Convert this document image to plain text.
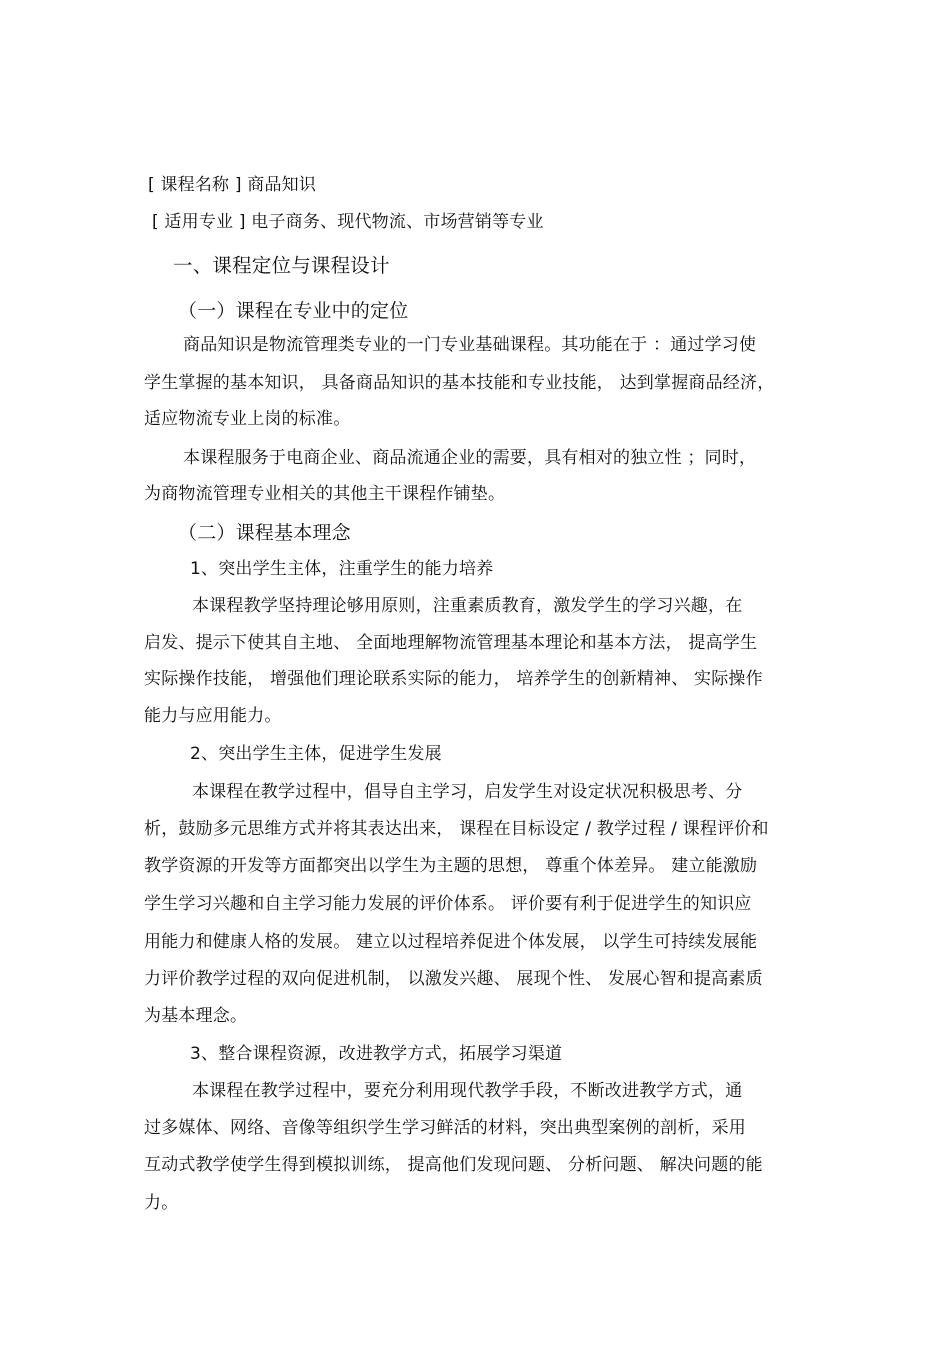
[ 课程名称 ] 商品知识
[ 适用专业 ] 电子商务、现代物流、市场营销等专业
一、课程定位与课程设计
（一）课程在专业中的定位
商品知识是物流管理类专业的一门专业基础课程。其功能在于 ：通过学习使
学生掌握的基本知识， 具备商品知识的基本技能和专业技能， 达到掌握商品经济，
适应物流专业上岗的标准。
本课程服务于电商企业、商品流通企业的需要，具有相对的独立性 ；同时，
为商物流管理专业相关的其他主干课程作铺垫。
（二）课程基本理念
1、突出学生主体，注重学生的能力培养
本课程教学坚持理论够用原则，注重素质教育，激发学生的学习兴趣，在
启发、提示下使其自主地、 全面地理解物流管理基本理论和基本方法， 提高学生
实际操作技能， 增强他们理论联系实际的能力， 培养学生的创新精神、 实际操作
能力与应用能力。
2、突出学生主体，促进学生发展
本课程在教学过程中，倡导自主学习，启发学生对设定状况积极思考、分
析，鼓励多元思维方式并将其表达出来， 课程在目标设定 / 教学过程 / 课程评价和
教学资源的开发等方面都突出以学生为主题的思想， 尊重个体差异。 建立能激励
学生学习兴趣和自主学习能力发展的评价体系。 评价要有利于促进学生的知识应
用能力和健康人格的发展。 建立以过程培养促进个体发展， 以学生可持续发展能
力评价教学过程的双向促进机制， 以激发兴趣、 展现个性、 发展心智和提高素质
为基本理念。
3、整合课程资源，改进教学方式，拓展学习渠道
本课程在教学过程中，要充分利用现代教学手段，不断改进教学方式，通
过多媒体、网络、音像等组织学生学习鲜活的材料，突出典型案例的剖析，采用
互动式教学使学生得到模拟训练， 提高他们发现问题、 分析问题、 解决问题的能
力。
